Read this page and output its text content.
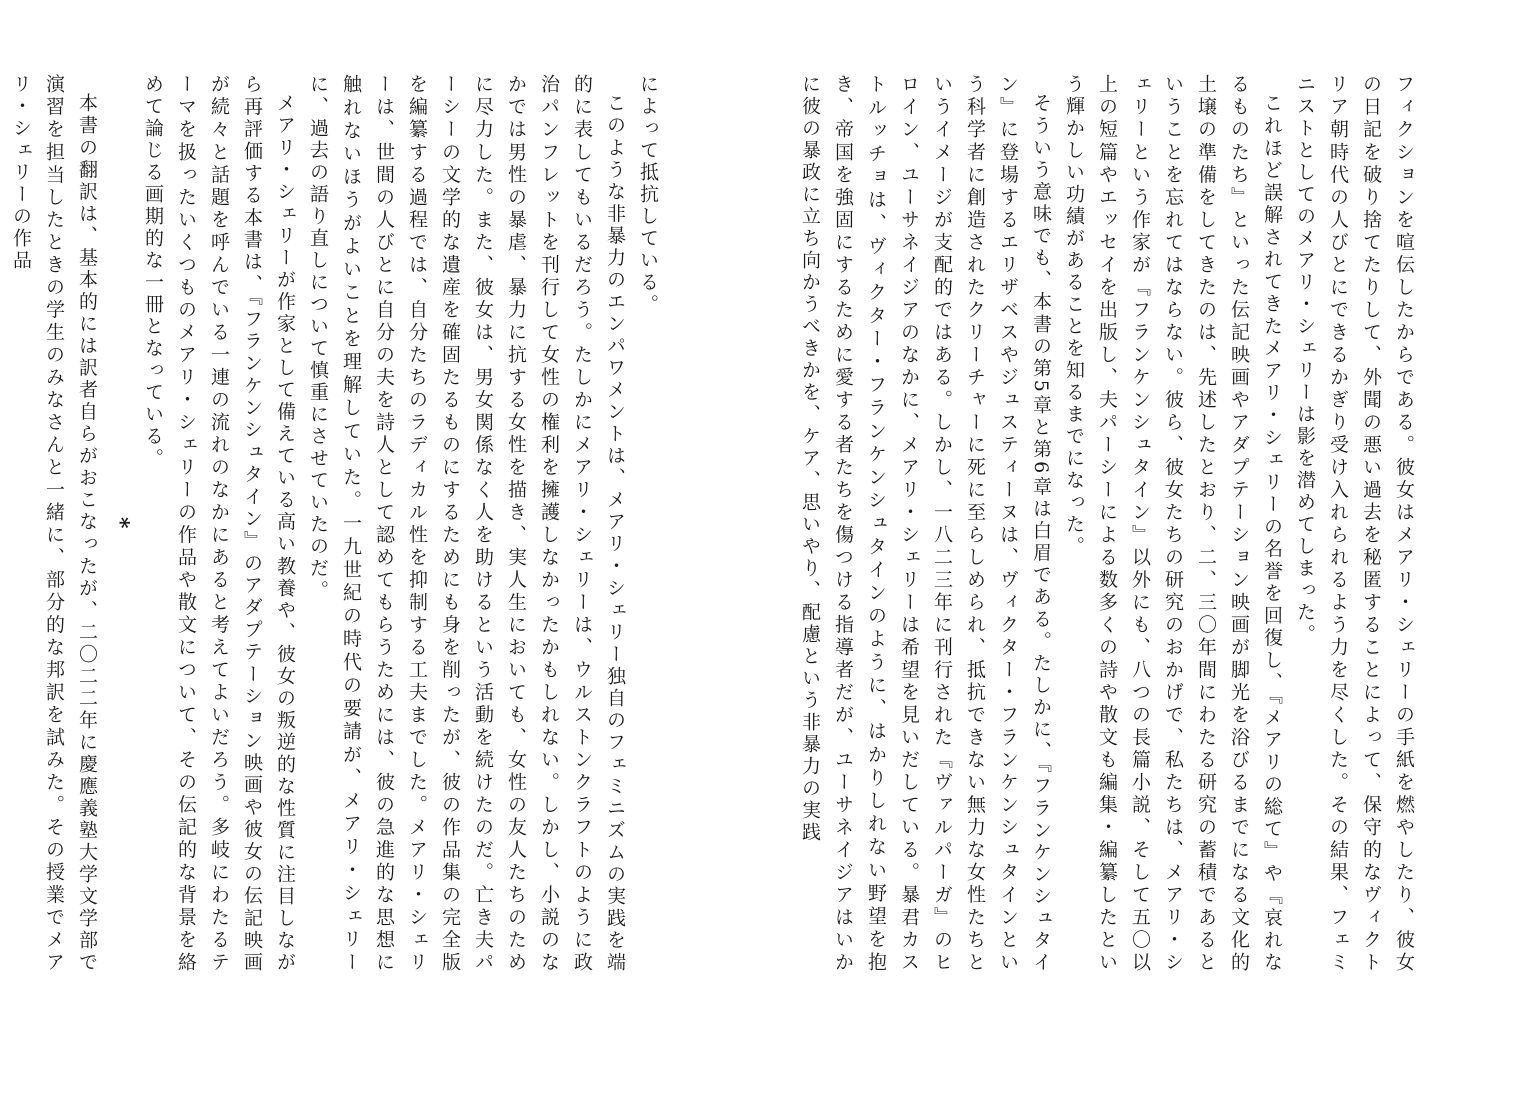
フィクションを喧伝したからである。彼女はメアリ・シェリーの手紙を燃やしたり、彼女の日記を破り捨てたりして、外聞の悪い過去を秘匿することによって、保守的なヴィクトリア朝時代の人びとにできるかぎり受け入れられるよう力を尽くした。その結果、フェミニストとしてのメアリ・シェリーは影を潜めてしまった。

これほど誤解されてきたメアリ・シェリーの名誉を回復し、『メアリの総て』や『哀れなるものたち』といった伝記映画やアダプテーション映画が脚光を浴びるまでになる文化的土壌の準備をしてきたのは、先述したとおり、二、三〇年間にわたる研究の蓄積であるということを忘れてはならない。彼ら、彼女たちの研究のおかげで、私たちは、メアリ・シェリーという作家が『フランケンシュタイン』以外にも、八つの長篇小説、そして五〇以上の短篇やエッセイを出版し、夫パーシーによる数多くの詩や散文も編集・編纂したという輝かしい功績があることを知るまでになった。

そういう意味でも、本書の第5章と第6章は白眉である。たしかに、『フランケンシュタイン』に登場するエリザベスやジュスティーヌは、ヴィクター・フランケンシュタインという科学者に創造されたクリーチャーに死に至らしめられ、抵抗できない無力な女性たちというイメージが支配的ではある。しかし、一八二三年に刊行された『ヴァルパーガ』のヒロイン、ユーサネイジアのなかに、メアリ・シェリーは希望を見いだしている。暴君カストルッチョは、ヴィクター・フランケンシュタインのように、はかりしれない野望を抱き、帝国を強固にするために愛する者たちを傷つける指導者だが、ユーサネイジアはいかに彼の暴政に立ち向かうべきかを、ケア、思いやり、配慮という非暴力の実践

によって抵抗している。

このような非暴力のエンパワメントは、メアリ・シェリー独自のフェミニズムの実践を端的に表してもいるだろう。たしかにメアリ・シェリーは、ウルストンクラフトのように政治パンフレットを刊行して女性の権利を擁護しなかったかもしれない。しかし、小説のなかでは男性の暴虐、暴力に抗する女性を描き、実人生においても、女性の友人たちのために尽力した。また、彼女は、男女関係なく人を助けるという活動を続けたのだ。亡き夫パーシーの文学的な遺産を確固たるものにするためにも身を削ったが、彼の作品集の完全版を編纂する過程では、自分たちのラディカル性を抑制する工夫までした。メアリ・シェリーは、世間の人びとに自分の夫を詩人として認めてもらうためには、彼の急進的な思想に触れないほうがよいことを理解していた。一九世紀の時代の要請が、メアリ・シェリーに、過去の語り直しについて慎重にさせていたのだ。

メアリ・シェリーが作家として備えている高い教養や、彼女の叛逆的な性質に注目しながら再評価する本書は、『フランケンシュタイン』のアダプテーション映画や彼女の伝記映画が続々と話題を呼んでいる一連の流れのなかにあると考えてよいだろう。多岐にわたるテーマを扱ったいくつものメアリ・シェリーの作品や散文について、その伝記的な背景を絡めて論じる画期的な一冊となっている。

*

本書の翻訳は、基本的には訳者自らがおこなったが、二〇二二年に慶應義塾大学文学部で演習を担当したときの学生のみなさんと一緒に、部分的な邦訳を試みた。その授業でメアリ・シェリーの作品
